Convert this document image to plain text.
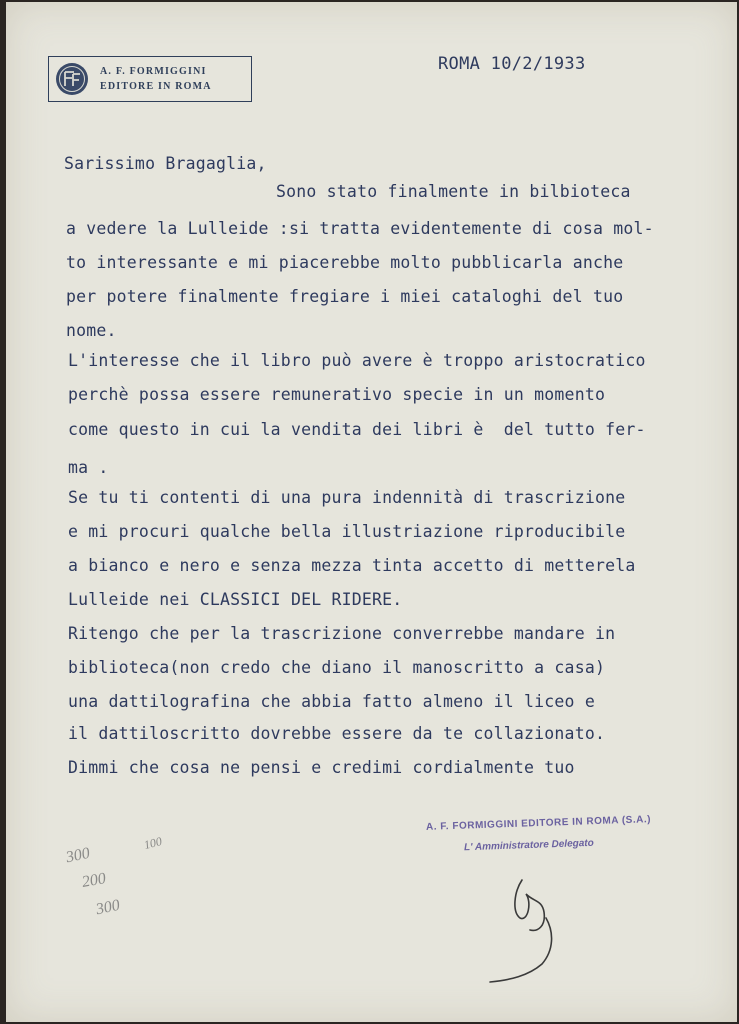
A. F. FORMIGGINI
EDITORE IN ROMA
ROMA 10/2/1933
Sarissimo Bragaglia,
Sono stato finalmente in bilbioteca
a vedere la Lulleide :si tratta evidentemente di cosa mol-
to interessante e mi piacerebbe molto pubblicarla anche
per potere finalmente fregiare i miei cataloghi del tuo
nome.
L'interesse che il libro può avere è troppo aristocratico
perchè possa essere remunerativo specie in un momento
come questo in cui la vendita dei libri è  del tutto fer-
ma .
Se tu ti contenti di una pura indennità di trascrizione
e mi procuri qualche bella illustriazione riproducibile
a bianco e nero e senza mezza tinta accetto di metterela
Lulleide nei CLASSICI DEL RIDERE.
Ritengo che per la trascrizione converrebbe mandare in
biblioteca(non credo che diano il manoscritto a casa)
una dattilografina che abbia fatto almeno il liceo e
il dattiloscritto dovrebbe essere da te collazionato.
Dimmi che cosa ne pensi e credimi cordialmente tuo
A. F. FORMIGGINI EDITORE IN ROMA (S.A.)
L' Amministratore Delegato
300
200
300
100
